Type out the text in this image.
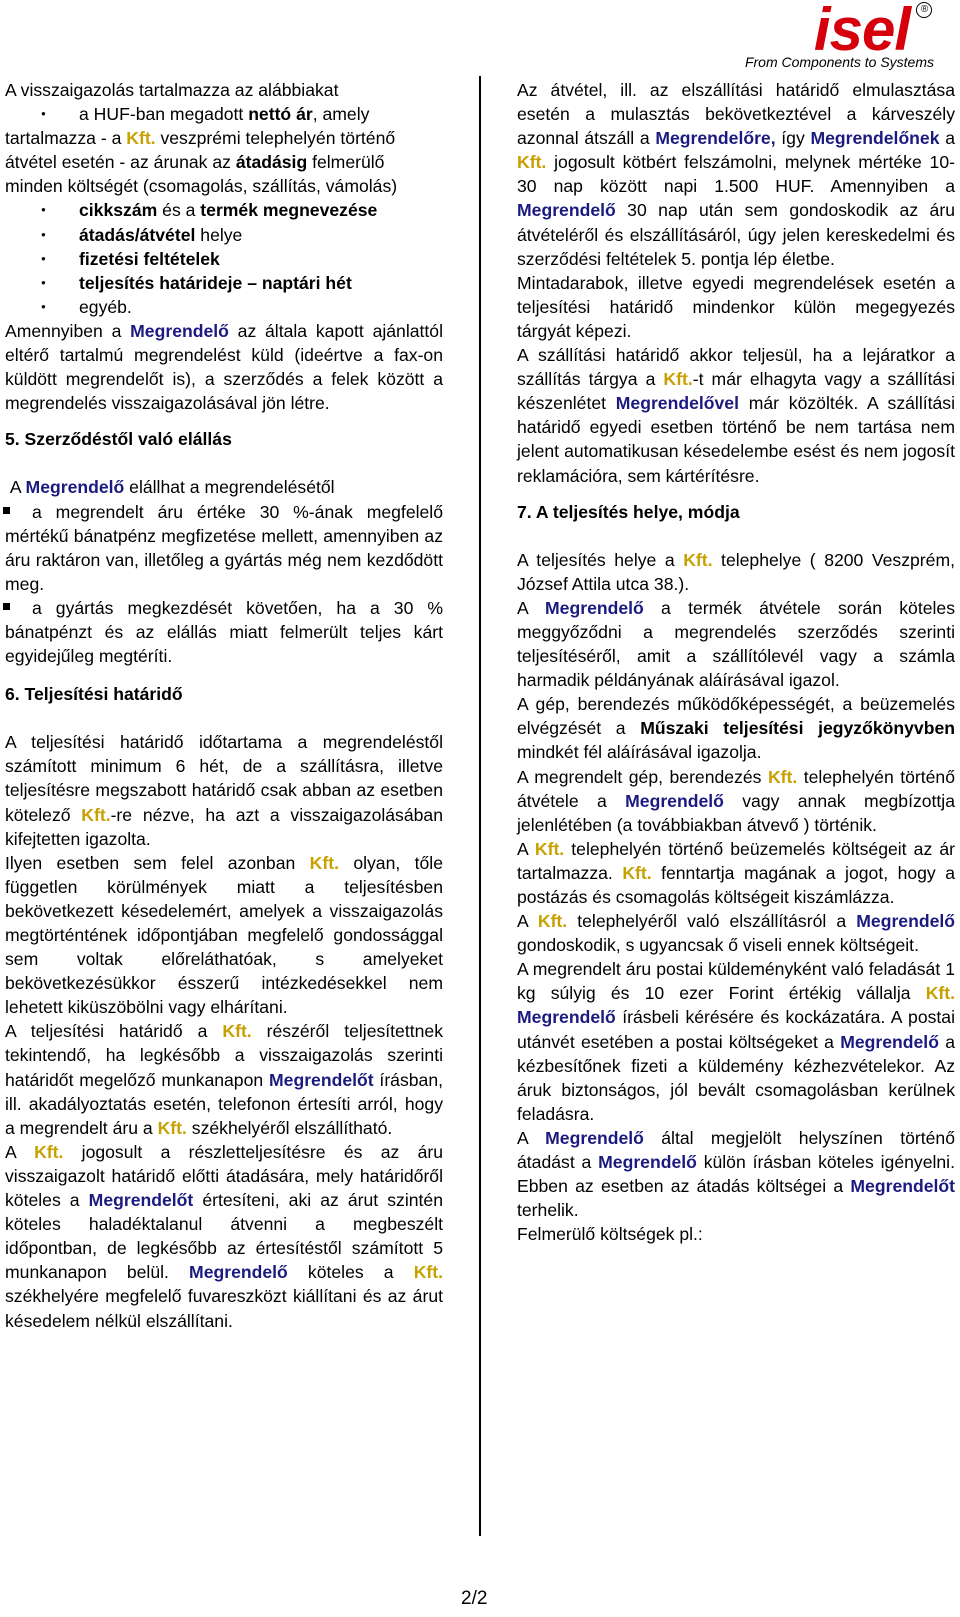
isel	®
From Components to Systems

A visszaigazolás tartalmazza az alábbiakat

● a HUF-ban megadott nettó ár, amely tartalmazza - a Kft. veszprémi telephelyén történő átvétel esetén - az árunak az átadásig felmerülő minden költségét (csomagolás, szállítás, vámolás)
● cikkszám és a termék megnevezése
● átadás/átvétel helye
● fizetési feltételek
● teljesítés határideje – naptári hét
● egyéb.

Amennyiben a Megrendelő az általa kapott ajánlattól eltérő tartalmú megrendelést küld (ideértve a fax-on küldött megrendelőt is), a szerződés a felek között a megrendelés visszaigazolásával jön létre.

5. Szerződéstől való elállás

A Megrendelő elállhat a megrendelésétől

a megrendelt áru értéke 30 %-ának megfelelő mértékű bánatpénz megfizetése mellett, amennyiben az áru raktáron van, illetőleg a gyártás még nem kezdődött meg.

a gyártás megkezdését követően, ha a 30 % bánatpénzt és az elállás miatt felmerült teljes kárt egyidejűleg megtéríti.

6. Teljesítési határidő

A teljesítési határidő időtartama a megrendeléstől számított minimum 6 hét, de a szállításra, illetve teljesítésre megszabott határidő csak abban az esetben kötelező Kft.-re nézve, ha azt a visszaigazolásában kifejtetten igazolta.

Ilyen esetben sem felel azonban Kft. olyan, tőle független körülmények miatt a teljesítésben bekövetkezett késedelemért, amelyek a visszaigazolás megtörténtének időpontjában megfelelő gondossággal sem voltak előreláthatóak, s amelyeket bekövetkezésükkor ésszerű intézkedésekkel nem lehetett kiküszöbölni vagy elhárítani.

A teljesítési határidő a Kft. részéről teljesítettnek tekintendő, ha legkésőbb a visszaigazolás szerinti határidőt megelőző munkanapon Megrendelőt írásban, ill. akadályoztatás esetén, telefonon értesíti arról, hogy a megrendelt áru a Kft. székhelyéről elszállítható.

A Kft. jogosult a részletteljesítésre és az áru visszaigazolt határidő előtti átadására, mely határidőről köteles a Megrendelőt értesíteni, aki az árut szintén köteles haladéktalanul átvenni a megbeszélt időpontban, de legkésőbb az értesítéstől számított 5 munkanapon belül. Megrendelő köteles a Kft. székhelyére megfelelő fuvareszközt kiállítani és az árut késedelem nélkül elszállítani.

Az átvétel, ill. az elszállítási határidő elmulasztása esetén a mulasztás bekövetkeztével a kárveszély azonnal átszáll a Megrendelőre, így Megrendelőnek a Kft. jogosult kötbért felszámolni, melynek mértéke 10-30 nap között napi 1.500 HUF. Amennyiben a Megrendelő 30 nap után sem gondoskodik az áru átvételéről és elszállításáról, úgy jelen kereskedelmi és szerződési feltételek 5. pontja lép életbe.

Mintadarabok, illetve egyedi megrendelések esetén a teljesítési határidő mindenkor külön megegyezés tárgyát képezi.

A szállítási határidő akkor teljesül, ha a lejáratkor a szállítás tárgya a Kft.-t már elhagyta vagy a szállítási készenlétet Megrendelővel már közölték. A szállítási határidő egyedi esetben történő be nem tartása nem jelent automatikusan késedelembe esést és nem jogosít reklamációra, sem kártérítésre.

7. A teljesítés helye, módja

A teljesítés helye a Kft. telephelye ( 8200 Veszprém, József Attila utca 38.).

A Megrendelő a termék átvétele során köteles meggyőződni a megrendelés szerződés szerinti teljesítéséről, amit a szállítólevél vagy a számla harmadik példányának aláírásával igazol.

A gép, berendezés működőképességét, a beüzemelés elvégzését a Műszaki teljesítési jegyzőkönyvben mindkét fél aláírásával igazolja.

A megrendelt gép, berendezés Kft. telephelyén történő átvétele a Megrendelő vagy annak megbízottja jelenlétében (a továbbiakban átvevő ) történik.

A Kft. telephelyén történő beüzemelés költségeit az ár tartalmazza. Kft. fenntartja magának a jogot, hogy a postázás és csomagolás költségeit kiszámlázza.

A Kft. telephelyéről való elszállításról a Megrendelő gondoskodik, s ugyancsak ő viseli ennek költségeit.

A megrendelt áru postai küldeményként való feladását 1 kg súlyig és 10 ezer Forint értékig vállalja Kft. Megrendelő írásbeli kérésére és kockázatára. A postai utánvét esetében a postai költségeket a Megrendelő a kézbesítőnek fizeti a küldemény kézhezvételekor. Az áruk biztonságos, jól bevált csomagolásban kerülnek feladásra.

A Megrendelő által megjelölt helyszínen történő átadást a Megrendelő külön írásban köteles igényelni. Ebben az esetben az átadás költségei a Megrendelőt terhelik.

Felmerülő költségek pl.:

2/2
